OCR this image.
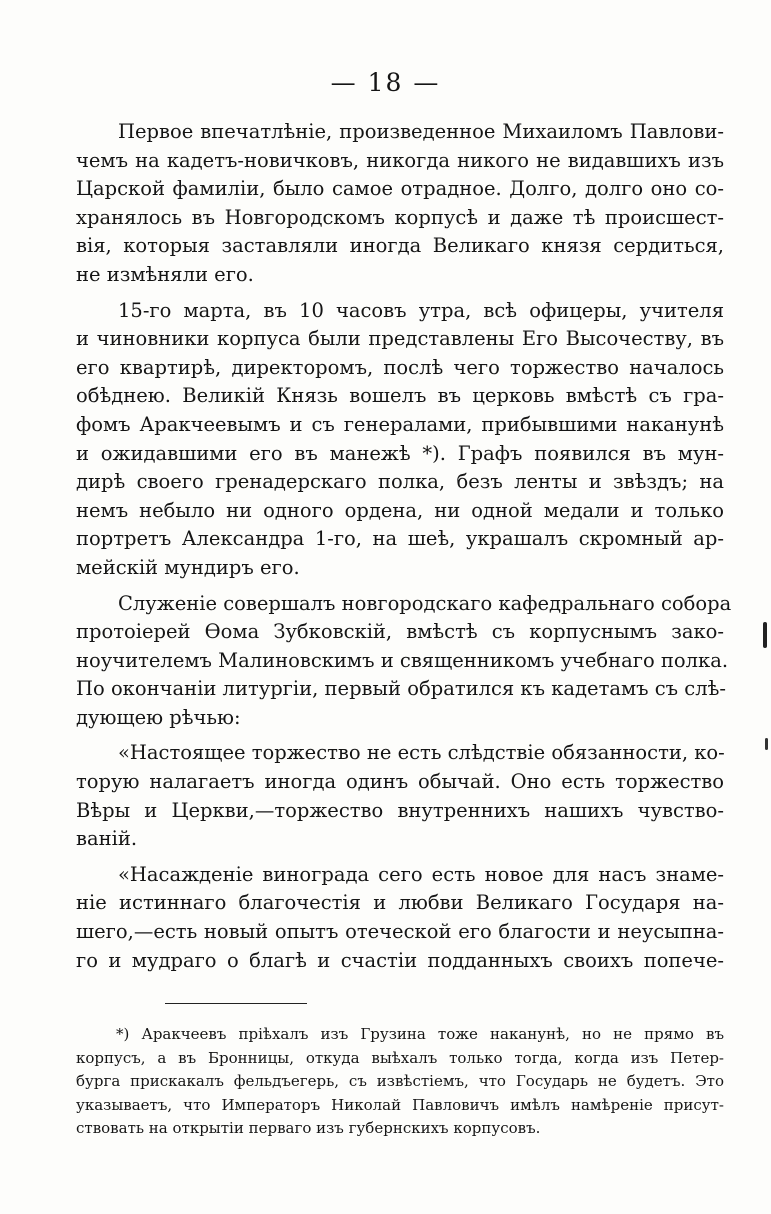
— 18 —
Первое впечатлѣніе, произведенное Михаиломъ Павлови-
чемъ на кадетъ-новичковъ, никогда никого не видавшихъ изъ
Царской фамиліи, было самое отрадное. Долго, долго оно со-
хранялось въ Новгородскомъ корпусѣ и даже тѣ происшест-
вія, которыя заставляли иногда Великаго князя сердиться,
не измѣняли его.
15-го марта, въ 10 часовъ утра, всѣ офицеры, учителя
и чиновники корпуса были представлены Его Высочеству, въ
его квартирѣ, директоромъ, послѣ чего торжество началось
обѣднею. Великій Князь вошелъ въ церковь вмѣстѣ съ гра-
фомъ Аракчеевымъ и съ генералами, прибывшими наканунѣ
и ожидавшими его въ манежѣ *). Графъ появился въ мун-
дирѣ своего гренадерскаго полка, безъ ленты и звѣздъ; на
немъ небыло ни одного ордена, ни одной медали и только
портретъ Александра 1-го, на шеѣ, украшалъ скромный ар-
мейскій мундиръ его.
Служеніе совершалъ новгородскаго кафедральнаго собора
протоіерей Ѳома Зубковскій, вмѣстѣ съ корпуснымъ зако-
ноучителемъ Малиновскимъ и священникомъ учебнаго полка.
По окончаніи литургіи, первый обратился къ кадетамъ съ слѣ-
дующею рѣчью:
«Настоящее торжество не есть слѣдствіе обязанности, ко-
торую налагаетъ иногда одинъ обычай. Оно есть торжество
Вѣры и Церкви,—торжество внутреннихъ нашихъ чувство-
ваній.
«Насажденіе винограда сего есть новое для насъ знаме-
ніе истиннаго благочестія и любви Великаго Государя на-
шего,—есть новый опытъ отеческой его благости и неусыпна-
го и мудраго о благѣ и счастіи подданныхъ своихъ попече-
*) Аракчеевъ пріѣхалъ изъ Грузина тоже наканунѣ, но не прямо въ
корпусъ, а въ Бронницы, откуда выѣхалъ только тогда, когда изъ Петер-
бурга прискакалъ фельдъегерь, съ извѣстіемъ, что Государь не будетъ. Это
указываетъ, что Императоръ Николай Павловичъ имѣлъ намѣреніе присут-
ствовать на открытіи перваго изъ губернскихъ корпусовъ.
